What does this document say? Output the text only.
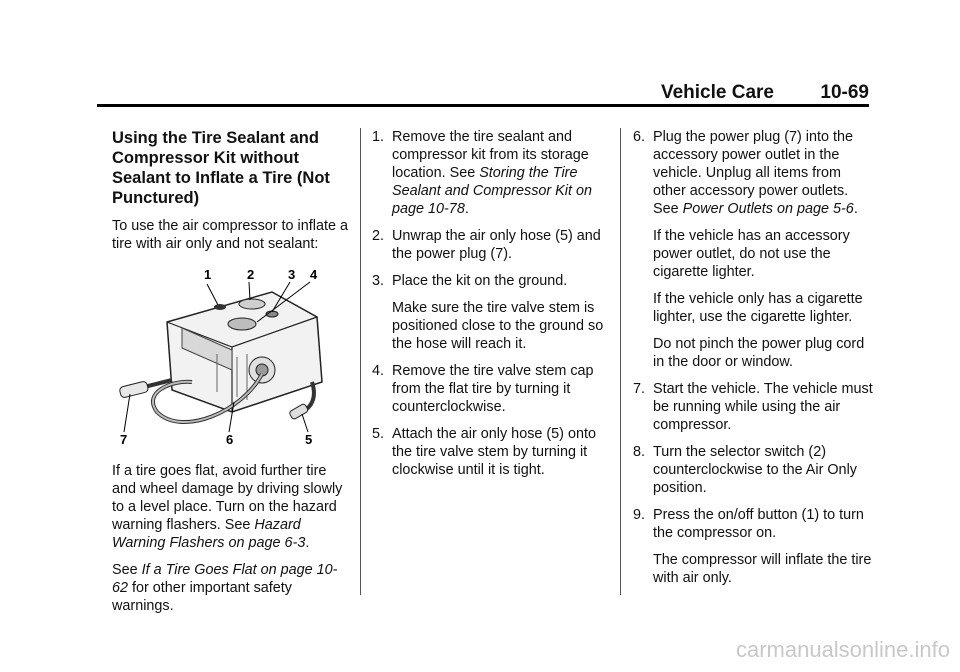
Vehicle Care 10-69
Using the Tire Sealant and Compressor Kit without Sealant to Inflate a Tire (Not Punctured)

To use the air compressor to inflate a tire with air only and not sealant:

1	2	3 4
7	6	5

If a tire goes flat, avoid further tire and wheel damage by driving slowly to a level place. Turn on the hazard warning flashers. See Hazard Warning Flashers on page 6-3.

See If a Tire Goes Flat on page 10-62 for other important safety warnings.

1. Remove the tire sealant and compressor kit from its storage location. See Storing the Tire Sealant and Compressor Kit on page 10-78.
2. Unwrap the air only hose (5) and the power plug (7).
3. Place the kit on the ground.
Make sure the tire valve stem is positioned close to the ground so the hose will reach it.
4. Remove the tire valve stem cap from the flat tire by turning it counterclockwise.
5. Attach the air only hose (5) onto the tire valve stem by turning it clockwise until it is tight.
6. Plug the power plug (7) into the accessory power outlet in the vehicle. Unplug all items from other accessory power outlets. See Power Outlets on page 5-6.
If the vehicle has an accessory power outlet, do not use the cigarette lighter.
If the vehicle only has a cigarette lighter, use the cigarette lighter.
Do not pinch the power plug cord in the door or window.
7. Start the vehicle. The vehicle must be running while using the air compressor.
8. Turn the selector switch (2) counterclockwise to the Air Only position.
9. Press the on/off button (1) to turn the compressor on.
The compressor will inflate the tire with air only.
carmanualsonline.info
